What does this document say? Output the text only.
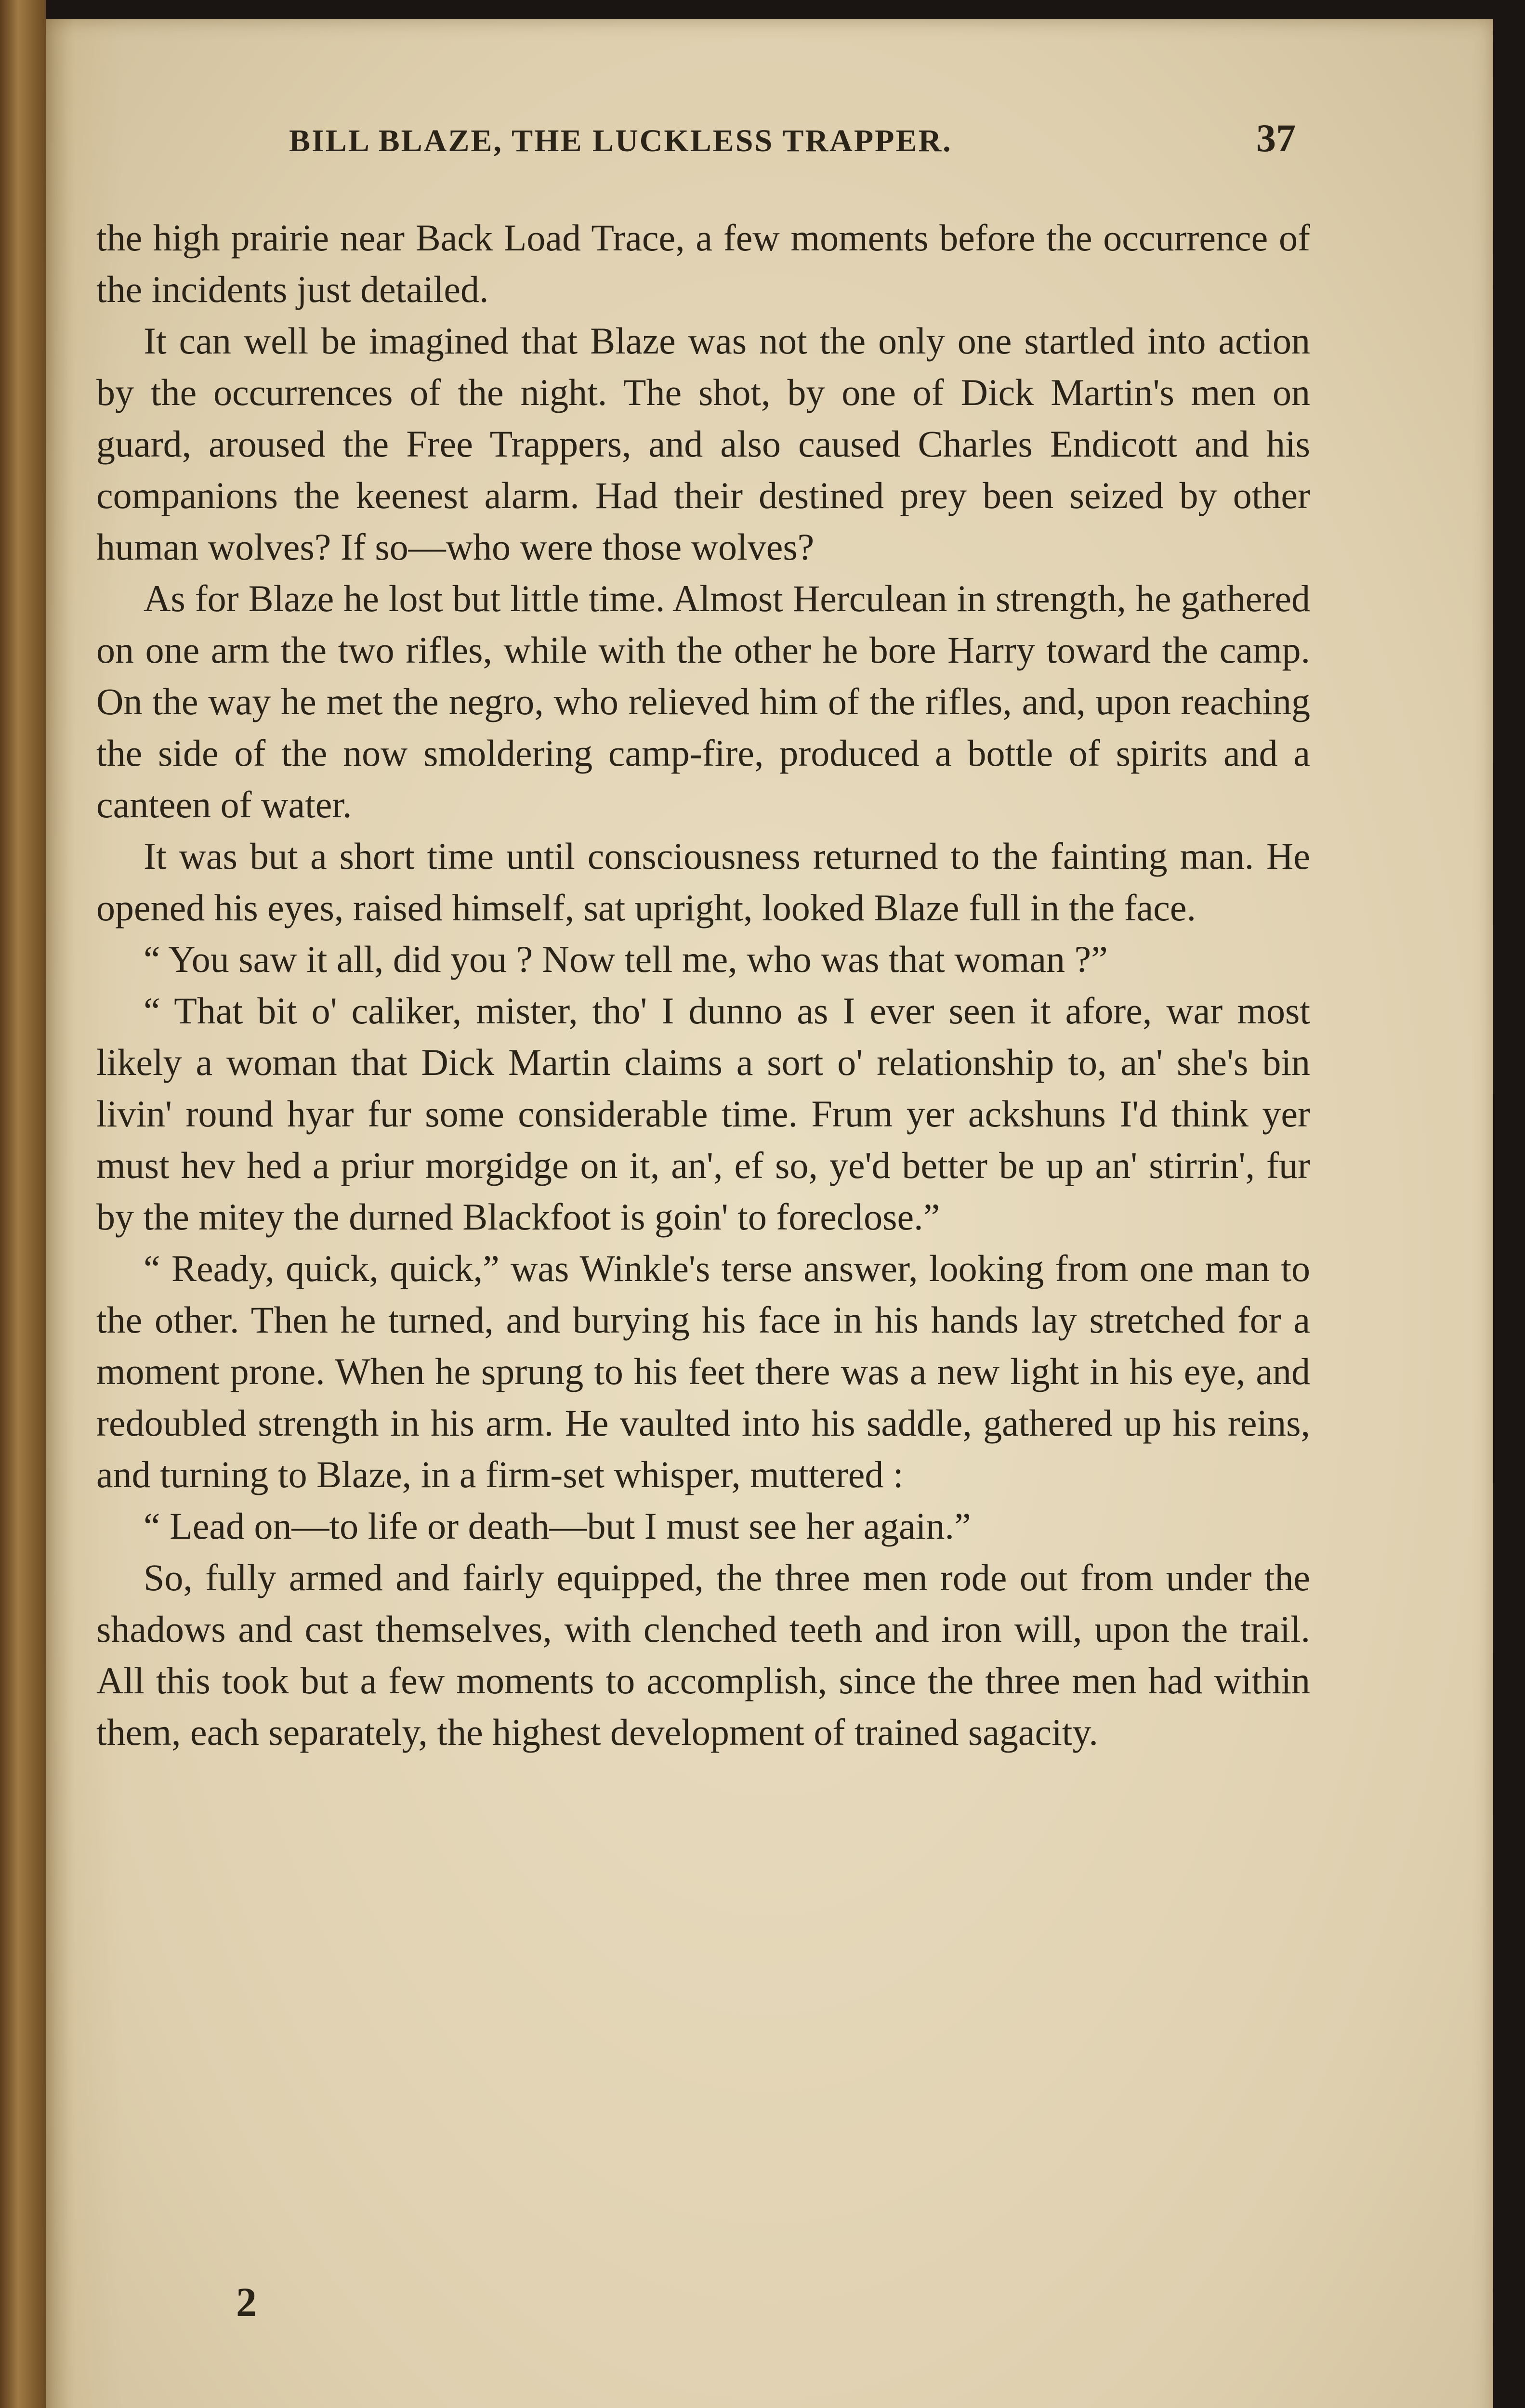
BILL BLAZE, THE LUCKLESS TRAPPER.	37

the high prairie near Back Load Trace, a few moments before the occurrence of the incidents just detailed.

It can well be imagined that Blaze was not the only one startled into action by the occurrences of the night. The shot, by one of Dick Martin's men on guard, aroused the Free Trappers, and also caused Charles Endicott and his companions the keenest alarm. Had their destined prey been seized by other human wolves? If so—who were those wolves?

As for Blaze he lost but little time. Almost Herculean in strength, he gathered on one arm the two rifles, while with the other he bore Harry toward the camp. On the way he met the negro, who relieved him of the rifles, and, upon reaching the side of the now smoldering camp-fire, produced a bottle of spirits and a canteen of water.

It was but a short time until consciousness returned to the fainting man. He opened his eyes, raised himself, sat upright, looked Blaze full in the face.

“ You saw it all, did you ? Now tell me, who was that woman ?”

“ That bit o' caliker, mister, tho' I dunno as I ever seen it afore, war most likely a woman that Dick Martin claims a sort o' relationship to, an' she's bin livin' round hyar fur some considerable time. Frum yer ackshuns I'd think yer must hev hed a priur morgidge on it, an', ef so, ye'd better be up an' stirrin', fur by the mitey the durned Blackfoot is goin' to foreclose.”

“ Ready, quick, quick,” was Winkle's terse answer, looking from one man to the other. Then he turned, and burying his face in his hands lay stretched for a moment prone. When he sprung to his feet there was a new light in his eye, and redoubled strength in his arm. He vaulted into his saddle, gathered up his reins, and turning to Blaze, in a firm-set whisper, muttered :

“ Lead on—to life or death—but I must see her again.”

So, fully armed and fairly equipped, the three men rode out from under the shadows and cast themselves, with clenched teeth and iron will, upon the trail. All this took but a few moments to accomplish, since the three men had within them, each separately, the highest development of trained sagacity.

2
